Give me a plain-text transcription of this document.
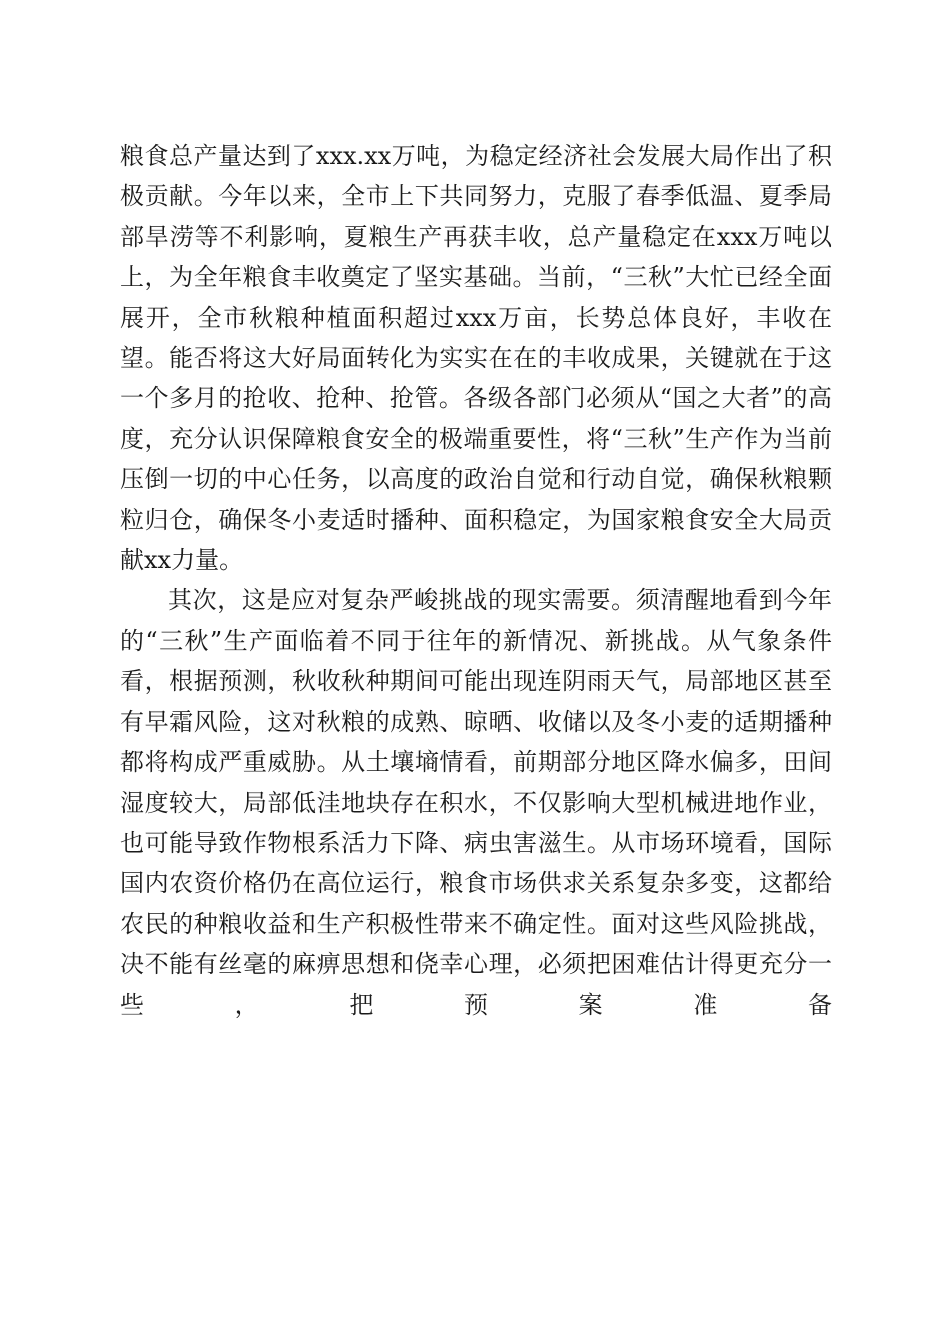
粮食总产量达到了xxx.xx万吨，为稳定经济社会发展大局作出了积极贡献。今年以来，全市上下共同努力，克服了春季低温、夏季局部旱涝等不利影响，夏粮生产再获丰收，总产量稳定在xxx万吨以上，为全年粮食丰收奠定了坚实基础。当前，“三秋”大忙已经全面展开，全市秋粮种植面积超过xxx万亩，长势总体良好，丰收在望。能否将这大好局面转化为实实在在的丰收成果，关键就在于这一个多月的抢收、抢种、抢管。各级各部门必须从“国之大者”的高度，充分认识保障粮食安全的极端重要性，将“三秋”生产作为当前压倒一切的中心任务，以高度的政治自觉和行动自觉，确保秋粮颗粒归仓，确保冬小麦适时播种、面积稳定，为国家粮食安全大局贡献xx力量。

其次，这是应对复杂严峻挑战的现实需要。须清醒地看到今年的“三秋”生产面临着不同于往年的新情况、新挑战。从气象条件看，根据预测，秋收秋种期间可能出现连阴雨天气，局部地区甚至有早霜风险，这对秋粮的成熟、晾晒、收储以及冬小麦的适期播种都将构成严重威胁。从土壤墒情看，前期部分地区降水偏多，田间湿度较大，局部低洼地块存在积水，不仅影响大型机械进地作业，也可能导致作物根系活力下降、病虫害滋生。从市场环境看，国际国内农资价格仍在高位运行，粮食市场供求关系复杂多变，这都给农民的种粮收益和生产积极性带来不确定性。面对这些风险挑战，决不能有丝毫的麻痹思想和侥幸心理，必须把困难估计得更充分一些，把预案准备
